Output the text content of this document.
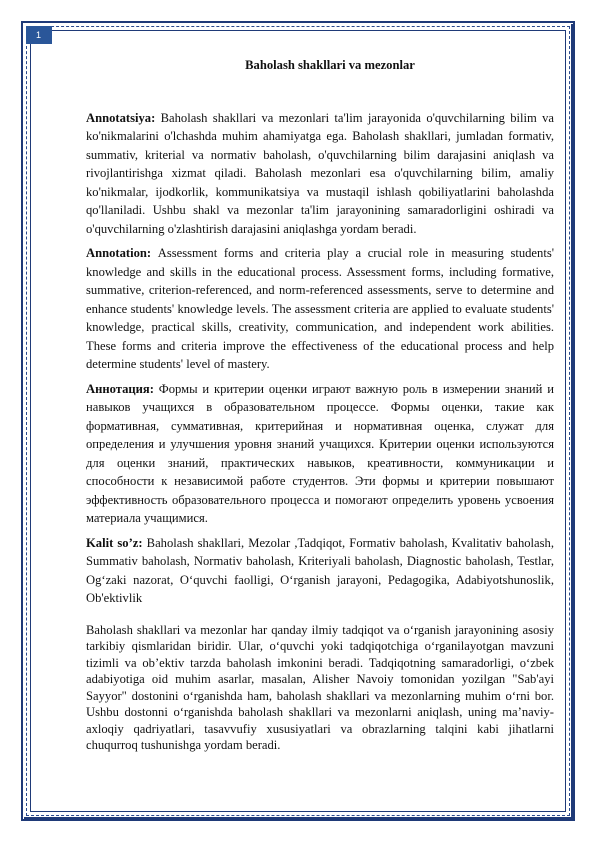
1
Baholash shakllari va mezonlar

Annotatsiya: Baholash shakllari va mezonlari ta'lim jarayonida o'quvchilarning bilim va ko'nikmalarini o'lchashda muhim ahamiyatga ega. Baholash shakllari, jumladan formativ, summativ, kriterial va normativ baholash, o'quvchilarning bilim darajasini aniqlash va rivojlantirishga xizmat qiladi. Baholash mezonlari esa o'quvchilarning bilim, amaliy ko'nikmalar, ijodkorlik, kommunikatsiya va mustaqil ishlash qobiliyatlarini baholashda qo'llaniladi. Ushbu shakl va mezonlar ta'lim jarayonining samaradorligini oshiradi va o'quvchilarning o'zlashtirish darajasini aniqlashga yordam beradi.

Annotation: Assessment forms and criteria play a crucial role in measuring students' knowledge and skills in the educational process. Assessment forms, including formative, summative, criterion-referenced, and norm-referenced assessments, serve to determine and enhance students' knowledge levels. The assessment criteria are applied to evaluate students' knowledge, practical skills, creativity, communication, and independent work abilities. These forms and criteria improve the effectiveness of the educational process and help determine students' level of mastery.

Аннотация: Формы и критерии оценки играют важную роль в измерении знаний и навыков учащихся в образовательном процессе. Формы оценки, такие как формативная, суммативная, критерийная и нормативная оценка, служат для определения и улучшения уровня знаний учащихся. Критерии оценки используются для оценки знаний, практических навыков, креативности, коммуникации и способности к независимой работе студентов. Эти формы и критерии повышают эффективность образовательного процесса и помогают определить уровень усвоения материала учащимися.

Kalit so’z: Baholash shakllari, Mezolar ,Tadqiqot, Formativ baholash, Kvalitativ baholash, Summativ baholash, Normativ baholash, Kriteriyali baholash, Diagnostic baholash, Testlar, Ogʻzaki nazorat, Oʻquvchi faolligi, Oʻrganish jarayoni, Pedagogika, Adabiyotshunoslik, Ob'ektivlik

Baholash shakllari va mezonlar har qanday ilmiy tadqiqot va oʻrganish jarayonining asosiy tarkibiy qismlaridan biridir. Ular, oʻquvchi yoki tadqiqotchiga oʻrganilayotgan mavzuni tizimli va obʼektiv tarzda baholash imkonini beradi. Tadqiqotning samaradorligi, oʻzbek adabiyotiga oid muhim asarlar, masalan, Alisher Navoiy tomonidan yozilgan "Sab'ayi Sayyor" dostonini oʻrganishda ham, baholash shakllari va mezonlarning muhim oʻrni bor. Ushbu dostonni oʻrganishda baholash shakllari va mezonlarni aniqlash, uning maʼnaviy-axloqiy qadriyatlari, tasavvufiy xususiyatlari va obrazlarning talqini kabi jihatlarni chuqurroq tushunishga yordam beradi.
